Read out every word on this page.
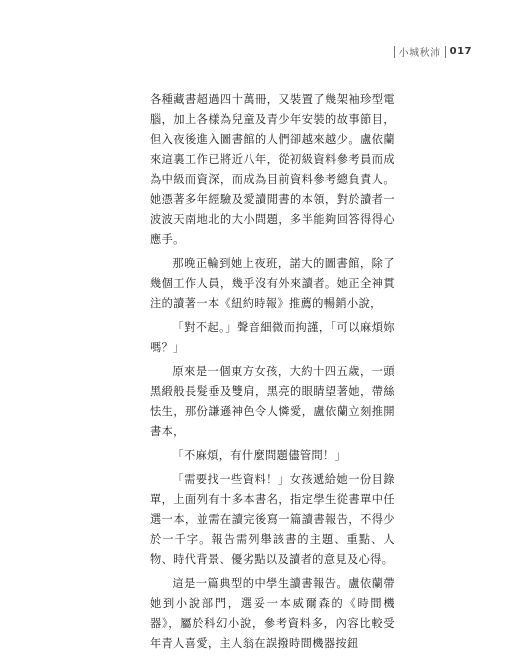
小城秋沛 017

各種藏書超過四十萬冊，又裝置了幾架袖珍型電腦，加上各樣為兒童及青少年安裝的故事節目，但入夜後進入圖書館的人們卻越來越少。盧依蘭來這裏工作已將近八年，從初級資料參考員而成為中級而資深，而成為目前資料參考總負責人。她憑著多年經驗及愛讀閒書的本領，對於讀者一波波天南地北的大小問題，多半能夠回答得得心應手。

那晚正輪到她上夜班，諾大的圖書館，除了幾個工作人員，幾乎沒有外來讀者。她正全神貫注的讀著一本《紐約時報》推薦的暢銷小說，

「對不起。」聲音細微而拘謹，「可以麻煩妳嗎？」

原來是一個東方女孩，大約十四五歲，一頭黑緞般長髮垂及雙肩，黑亮的眼睛望著她，帶絲怯生，那份謙遜神色令人憐愛，盧依蘭立刻推開書本，

「不麻煩，有什麼問題儘管問！」

「需要找一些資料！」女孩遞給她一份目錄單，上面列有十多本書名，指定學生從書單中任選一本，並需在讀完後寫一篇讀書報告，不得少於一千字。報告需列舉該書的主題、重點、人物、時代背景、優劣點以及讀者的意見及心得。

這是一篇典型的中學生讀書報告。盧依蘭帶她到小說部門，選妥一本威爾森的《時間機器》，屬於科幻小說，參考資料多，內容比較受年青人喜愛，主人翁在誤撥時間機器按鈕
